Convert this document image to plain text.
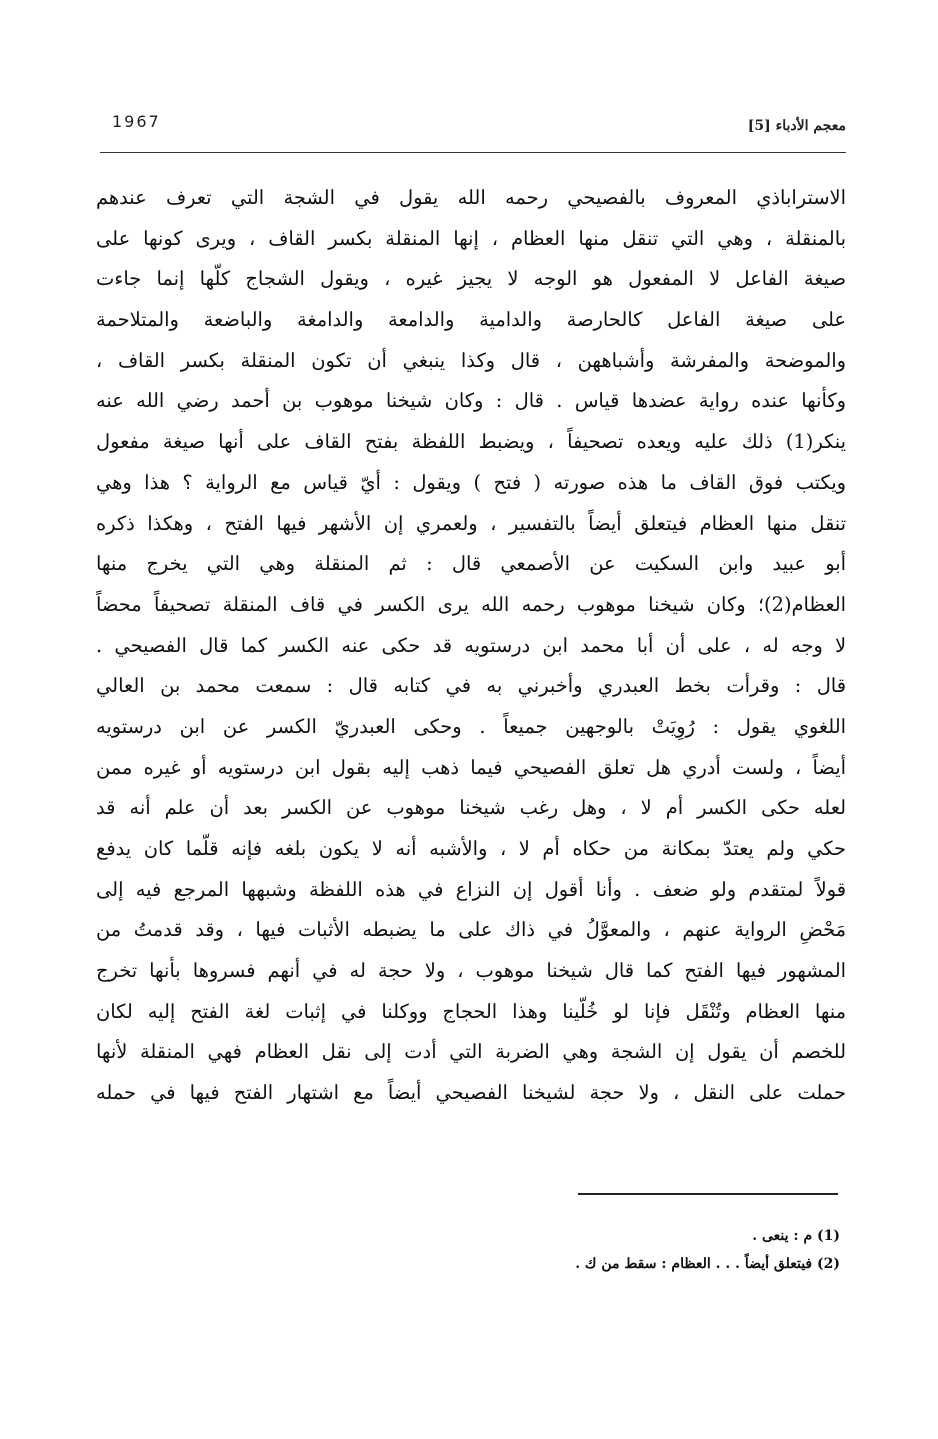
1967	معجم الأدباء [5]
الاستراباذي المعروف بالفصيحي رحمه الله يقول في الشجة التي تعرف عندهم
بالمنقلة ، وهي التي تنقل منها العظام ، إنها المنقلة بكسر القاف ، ويرى كونها على
صيغة الفاعل لا المفعول هو الوجه لا يجيز غيره ، ويقول الشجاج كلّها إنما جاءت
على صيغة الفاعل كالحارصة والدامية والدامعة والدامغة والباضعة والمتلاحمة
والموضحة والمفرشة وأشباههن ، قال وكذا ينبغي أن تكون المنقلة بكسر القاف ،
وكأنها عنده رواية عضدها قياس . قال : وكان شيخنا موهوب بن أحمد رضي الله عنه
ينكر(1) ذلك عليه ويعده تصحيفاً ، ويضبط اللفظة بفتح القاف على أنها صيغة مفعول
ويكتب فوق القاف ما هذه صورته ( فتح ) ويقول : أيّ قياس مع الرواية ؟ هذا وهي
تنقل منها العظام فيتعلق أيضاً بالتفسير ، ولعمري إن الأشهر فيها الفتح ، وهكذا ذكره
أبو عبيد وابن السكيت عن الأصمعي قال : ثم المنقلة وهي التي يخرج منها
العظام(2)؛ وكان شيخنا موهوب رحمه الله يرى الكسر في قاف المنقلة تصحيفاً محضاً
لا وجه له ، على أن أبا محمد ابن درستويه قد حكى عنه الكسر كما قال الفصيحي .
قال : وقرأت بخط العبدري وأخبرني به في كتابه قال : سمعت محمد بن العالي
اللغوي يقول : رُوِيَتْ بالوجهين جميعاً . وحكى العبدريّ الكسر عن ابن درستويه
أيضاً ، ولست أدري هل تعلق الفصيحي فيما ذهب إليه بقول ابن درستويه أو غيره ممن
لعله حكى الكسر أم لا ، وهل رغب شيخنا موهوب عن الكسر بعد أن علم أنه قد
حكي ولم يعتدّ بمكانة من حكاه أم لا ، والأشبه أنه لا يكون بلغه فإنه قلّما كان يدفع
قولاً لمتقدم ولو ضعف . وأنا أقول إن النزاع في هذه اللفظة وشبهها المرجع فيه إلى
مَحْضِ الرواية عنهم ، والمعوَّلُ في ذاك على ما يضبطه الأثبات فيها ، وقد قدمتُ من
المشهور فيها الفتح كما قال شيخنا موهوب ، ولا حجة له في أنهم فسروها بأنها تخرج
منها العظام وتُنْقَل فإنا لو خُلّينا وهذا الحجاج ووكلنا في إثبات لغة الفتح إليه لكان
للخصم أن يقول إن الشجة وهي الضربة التي أدت إلى نقل العظام فهي المنقلة لأنها
حملت على النقل ، ولا حجة لشيخنا الفصيحي أيضاً مع اشتهار الفتح فيها في حمله
(1) م : ينعى .
(2) فيتعلق أيضاً . . . العظام : سقط من ك .
